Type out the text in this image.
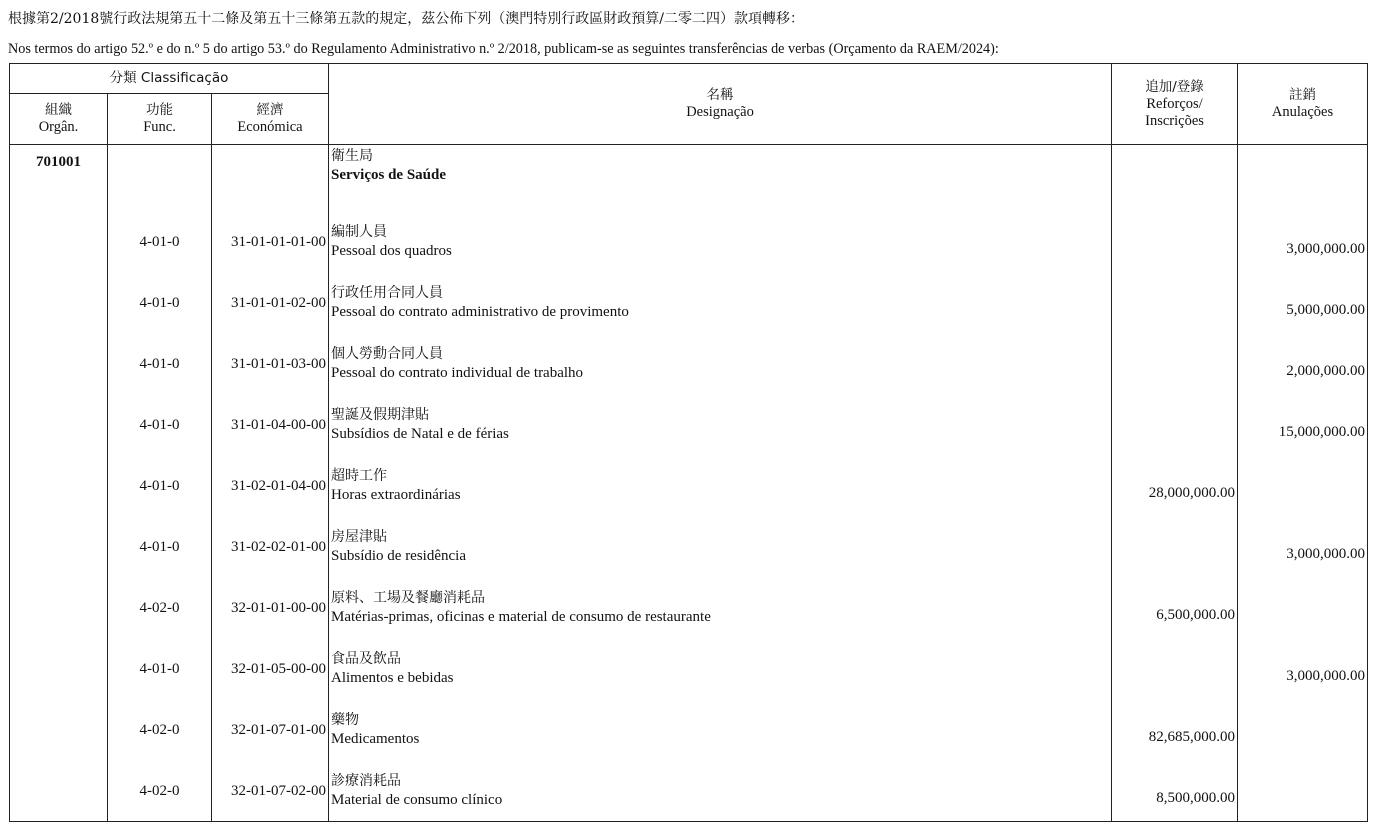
根據第2/2018號行政法規第五十二條及第五十三條第五款的規定，茲公佈下列（澳門特別行政區財政預算/二零二四）款項轉移：
Nos termos do artigo 52.º e do n.º 5 do artigo 53.º do Regulamento Administrativo n.º 2/2018, publicam-se as seguintes transferências de verbas (Orçamento da RAEM/2024):
分類 Classificação			名稱
Designação	追加/登錄
Reforços/
Inscrições	註銷
Anulações
組織
Orgân.	功能
Func.	經濟
Económica			
701001			衛生局
Serviços de Saúde		

	4-01-0	31-01-01-01-00	編制人員
Pessoal dos quadros		3,000,000.00
	4-01-0	31-01-01-02-00	行政任用合同人員
Pessoal do contrato administrativo de provimento		5,000,000.00
	4-01-0	31-01-01-03-00	個人勞動合同人員
Pessoal do contrato individual de trabalho		2,000,000.00
	4-01-0	31-01-04-00-00	聖誕及假期津貼
Subsídios de Natal e de férias		15,000,000.00
	4-01-0	31-02-01-04-00	超時工作
Horas extraordinárias	28,000,000.00	
	4-01-0	31-02-02-01-00	房屋津貼
Subsídio de residência		3,000,000.00
	4-02-0	32-01-01-00-00	原料、工場及餐廳消耗品
Matérias-primas, oficinas e material de consumo de restaurante	6,500,000.00	
	4-01-0	32-01-05-00-00	食品及飲品
Alimentos e bebidas		3,000,000.00
	4-02-0	32-01-07-01-00	藥物
Medicamentos	82,685,000.00	
	4-02-0	32-01-07-02-00	診療消耗品
Material de consumo clínico	8,500,000.00	
